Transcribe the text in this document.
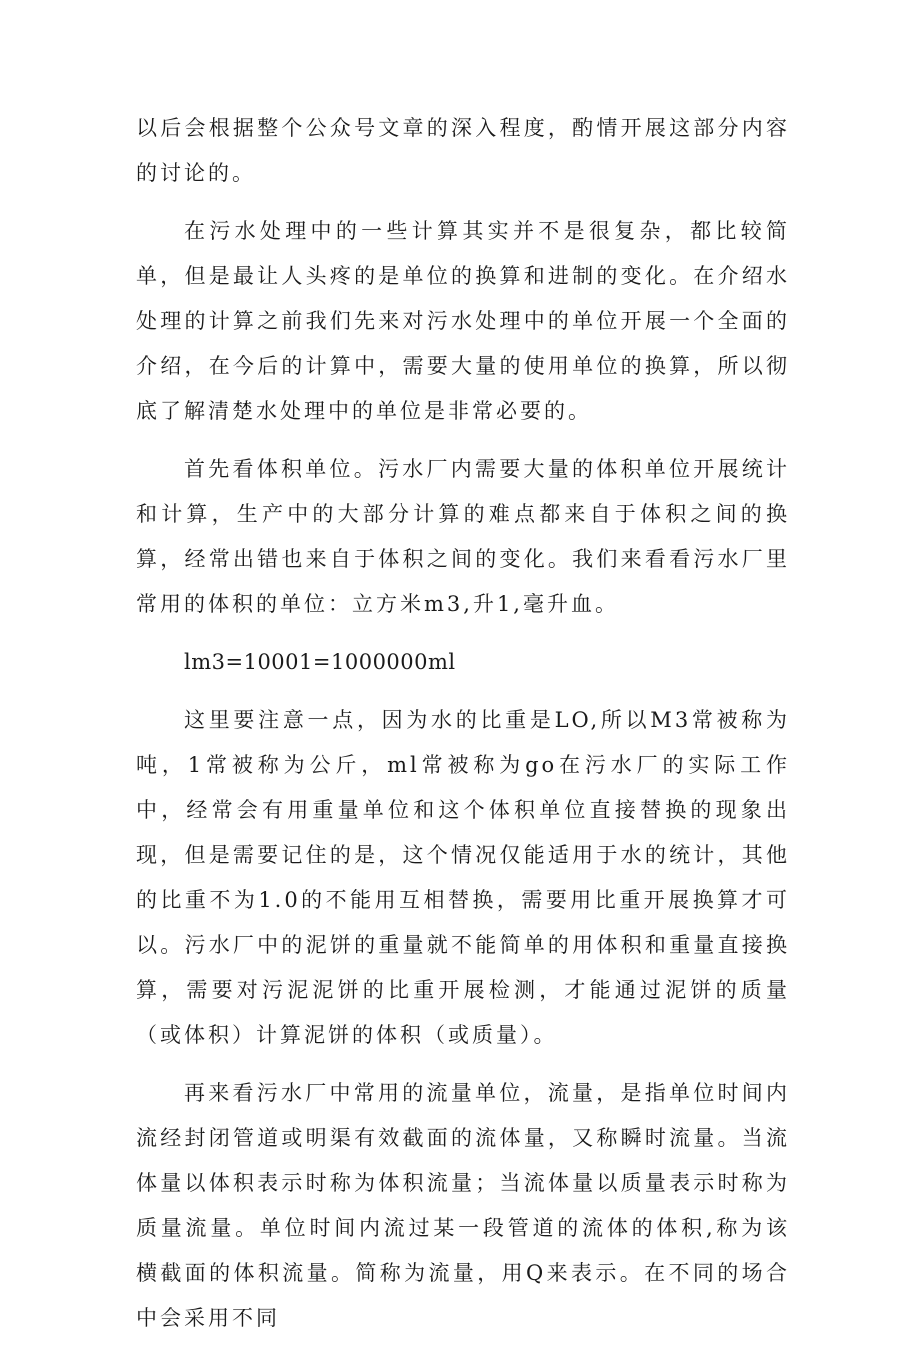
以后会根据整个公众号文章的深入程度，酌情开展这部分内容的讨论的。

在污水处理中的一些计算其实并不是很复杂，都比较简单，但是最让人头疼的是单位的换算和进制的变化。在介绍水处理的计算之前我们先来对污水处理中的单位开展一个全面的介绍，在今后的计算中，需要大量的使用单位的换算，所以彻底了解清楚水处理中的单位是非常必要的。

首先看体积单位。污水厂内需要大量的体积单位开展统计和计算，生产中的大部分计算的难点都来自于体积之间的换算，经常出错也来自于体积之间的变化。我们来看看污水厂里常用的体积的单位：立方米m3,升1,毫升血。

lm3=10001=1000000ml

这里要注意一点，因为水的比重是LO,所以M3常被称为吨，1常被称为公斤，ml常被称为go在污水厂的实际工作中，经常会有用重量单位和这个体积单位直接替换的现象出现，但是需要记住的是，这个情况仅能适用于水的统计，其他的比重不为1.0的不能用互相替换，需要用比重开展换算才可以。污水厂中的泥饼的重量就不能简单的用体积和重量直接换算，需要对污泥泥饼的比重开展检测，才能通过泥饼的质量（或体积）计算泥饼的体积（或质量）。

再来看污水厂中常用的流量单位，流量，是指单位时间内流经封闭管道或明渠有效截面的流体量，又称瞬时流量。当流体量以体积表示时称为体积流量；当流体量以质量表示时称为质量流量。单位时间内流过某一段管道的流体的体积,称为该横截面的体积流量。简称为流量，用Q来表示。在不同的场合中会采用不同
